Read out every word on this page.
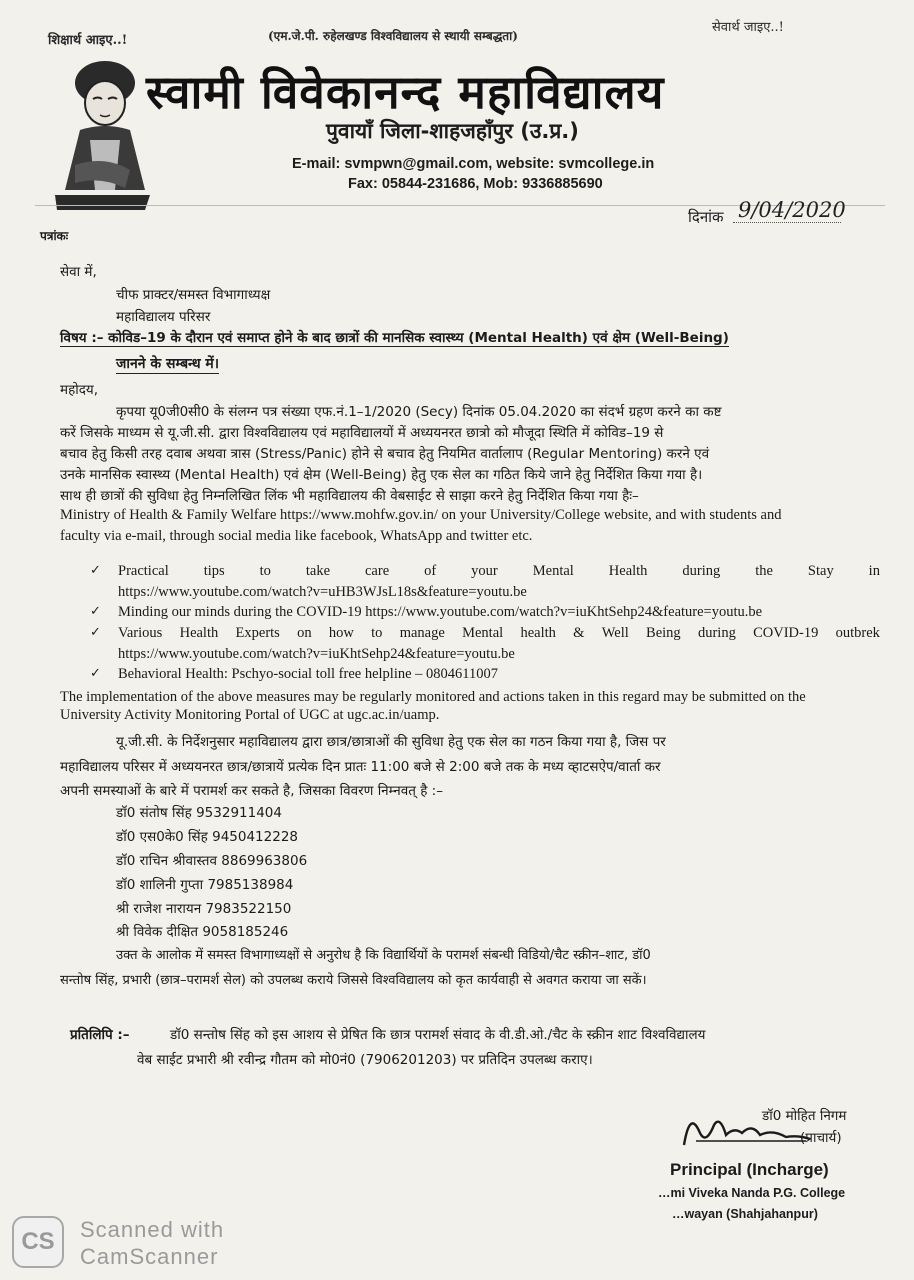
शिक्षार्थ आइए..!	(एम.जे.पी. रुहेलखण्ड विश्वविद्यालय से स्थायी सम्बद्धता)
सेवार्थ जाइए..!
स्वामी विवेकानन्द महाविद्यालय
पुवायाँ जिला-शाहजहाँपुर (उ.प्र.)
E-mail: svmpwn@gmail.com, website: svmcollege.in
Fax: 05844-231686, Mob: 9336885690
दिनांक 9/04/2020
पत्रांकः
सेवा में,
चीफ प्राक्टर/समस्त विभागाध्यक्ष
महाविद्यालय परिसर
विषय :– कोविड–19 के दौरान एवं समाप्त होने के बाद छात्रों की मानसिक स्वास्थ्य (Mental Health) एवं क्षेम (Well-Being)
जानने के सम्बन्ध में।
महोदय,
कृपया यू0जी0सी0 के संलग्न पत्र संख्या एफ.नं.1–1/2020 (Secy) दिनांक 05.04.2020 का संदर्भ ग्रहण करने का कष्ट
करें जिसके माध्यम से यू.जी.सी. द्वारा विश्वविद्यालय एवं महाविद्यालयों में अध्ययनरत छात्रो को मौजूदा स्थिति में कोविड–19 से
बचाव हेतु किसी तरह दवाब अथवा त्रास (Stress/Panic) होने से बचाव हेतु नियमित वार्तालाप (Regular Mentoring) करने एवं
उनके मानसिक स्वास्थ्य (Mental Health) एवं क्षेम (Well-Being) हेतु एक सेल का गठित किये जाने हेतु निर्देशित किया गया है।
साथ ही छात्रों की सुविधा हेतु निम्नलिखित लिंक भी महाविद्यालय की वेबसाईट से साझा करने हेतु निर्देशित किया गया हैः–
Ministry of Health & Family Welfare https://www.mohfw.gov.in/ on your University/College website, and with students and
faculty via e-mail, through social media like facebook, WhatsApp and twitter etc.
✓ Practical tips to take care of your Mental Health during the Stay in
https://www.youtube.com/watch?v=uHB3WJsL18s&feature=youtu.be
✓ Minding our minds during the COVID-19 https://www.youtube.com/watch?v=iuKhtSehp24&feature=youtu.be
✓ Various Health Experts on how to manage Mental health & Well Being during COVID-19 outbrek
https://www.youtube.com/watch?v=iuKhtSehp24&feature=youtu.be
✓ Behavioral Health: Pschyo-social toll free helpline – 0804611007
The implementation of the above measures may be regularly monitored and actions taken in this regard may be submitted on the
University Activity Monitoring Portal of UGC at ugc.ac.in/uamp.
यू.जी.सी. के निर्देशनुसार महाविद्यालय द्वारा छात्र/छात्राओं की सुविधा हेतु एक सेल का गठन किया गया है, जिस पर
महाविद्यालय परिसर में अध्ययनरत छात्र/छात्रायें प्रत्येक दिन प्रातः 11:00 बजे से 2:00 बजे तक के मध्य व्हाटसऐप/वार्ता कर
अपनी समस्याओं के बारे में परामर्श कर सकते है, जिसका विवरण निम्नवत् है :–
डॉ0 संतोष सिंह 9532911404
डॉ0 एस0के0 सिंह 9450412228
डॉ0 राचिन श्रीवास्तव 8869963806
डॉ0 शालिनी गुप्ता 7985138984
श्री राजेश नारायन 7983522150
श्री विवेक दीक्षित 9058185246
उक्त के आलोक में समस्त विभागाध्यक्षों से अनुरोध है कि विद्यार्थियों के परामर्श संबन्धी विडियो/चैट स्क्रीन–शाट, डॉ0
सन्तोष सिंह, प्रभारी (छात्र–परामर्श सेल) को उपलब्ध कराये जिससे विश्वविद्यालय को कृत कार्यवाही से अवगत कराया जा सकें।
प्रतिलिपि :–	डॉ0 सन्तोष सिंह को इस आशय से प्रेषित कि छात्र परामर्श संवाद के वी.डी.ओ./चैट के स्क्रीन शाट विश्वविद्यालय
वेब साईट प्रभारी श्री रवीन्द्र गौतम को मो0नं0 (7906201203) पर प्रतिदिन उपलब्ध कराए।
डॉ0 मोहित निगम
(प्राचार्य)
Principal (Incharge)
…mi Viveka Nanda P.G. College
…wayan (Shahjahanpur)
CS	Scanned with
CamScanner
